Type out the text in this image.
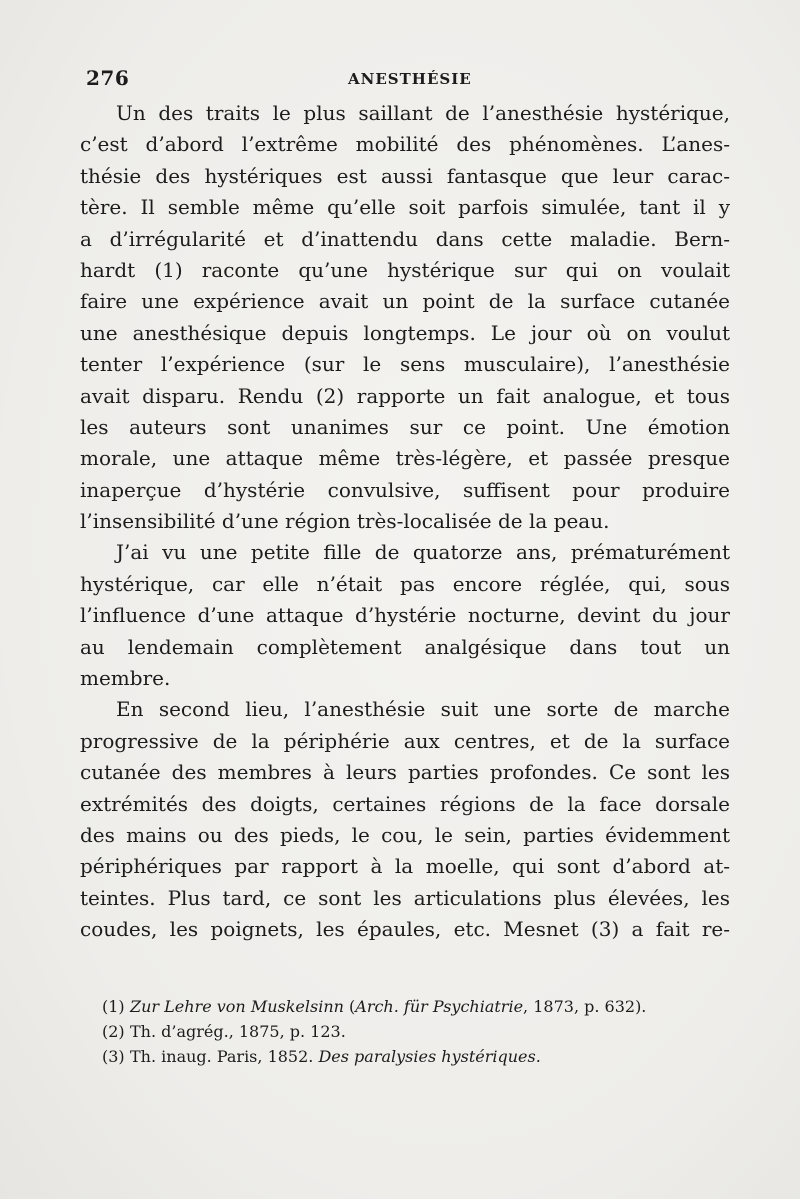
276	ANESTHÉSIE
Un des traits le plus saillant de l’anesthésie hystérique,
c’est d’abord l’extrême mobilité des phénomènes. L’anes-
thésie des hystériques est aussi fantasque que leur carac-
tère. Il semble même qu’elle soit parfois simulée, tant il y
a d’irrégularité et d’inattendu dans cette maladie. Bern-
hardt (1) raconte qu’une hystérique sur qui on voulait
faire une expérience avait un point de la surface cutanée
une anesthésique depuis longtemps. Le jour où on voulut
tenter l’expérience (sur le sens musculaire), l’anesthésie
avait disparu. Rendu (2) rapporte un fait analogue, et tous
les auteurs sont unanimes sur ce point. Une émotion
morale, une attaque même très-légère, et passée presque
inaperçue d’hystérie convulsive, suffisent pour produire
l’insensibilité d’une région très-localisée de la peau.
J’ai vu une petite fille de quatorze ans, prématurément
hystérique, car elle n’était pas encore réglée, qui, sous
l’influence d’une attaque d’hystérie nocturne, devint du jour
au lendemain complètement analgésique dans tout un
membre.
En second lieu, l’anesthésie suit une sorte de marche
progressive de la périphérie aux centres, et de la surface
cutanée des membres à leurs parties profondes. Ce sont les
extrémités des doigts, certaines régions de la face dorsale
des mains ou des pieds, le cou, le sein, parties évidemment
périphériques par rapport à la moelle, qui sont d’abord at-
teintes. Plus tard, ce sont les articulations plus élevées, les
coudes, les poignets, les épaules, etc. Mesnet (3) a fait re-
(1) Zur Lehre von Muskelsinn (Arch. für Psychiatrie, 1873, p. 632).
(2) Th. d’agrég., 1875, p. 123.
(3) Th. inaug. Paris, 1852. Des paralysies hystériques.
